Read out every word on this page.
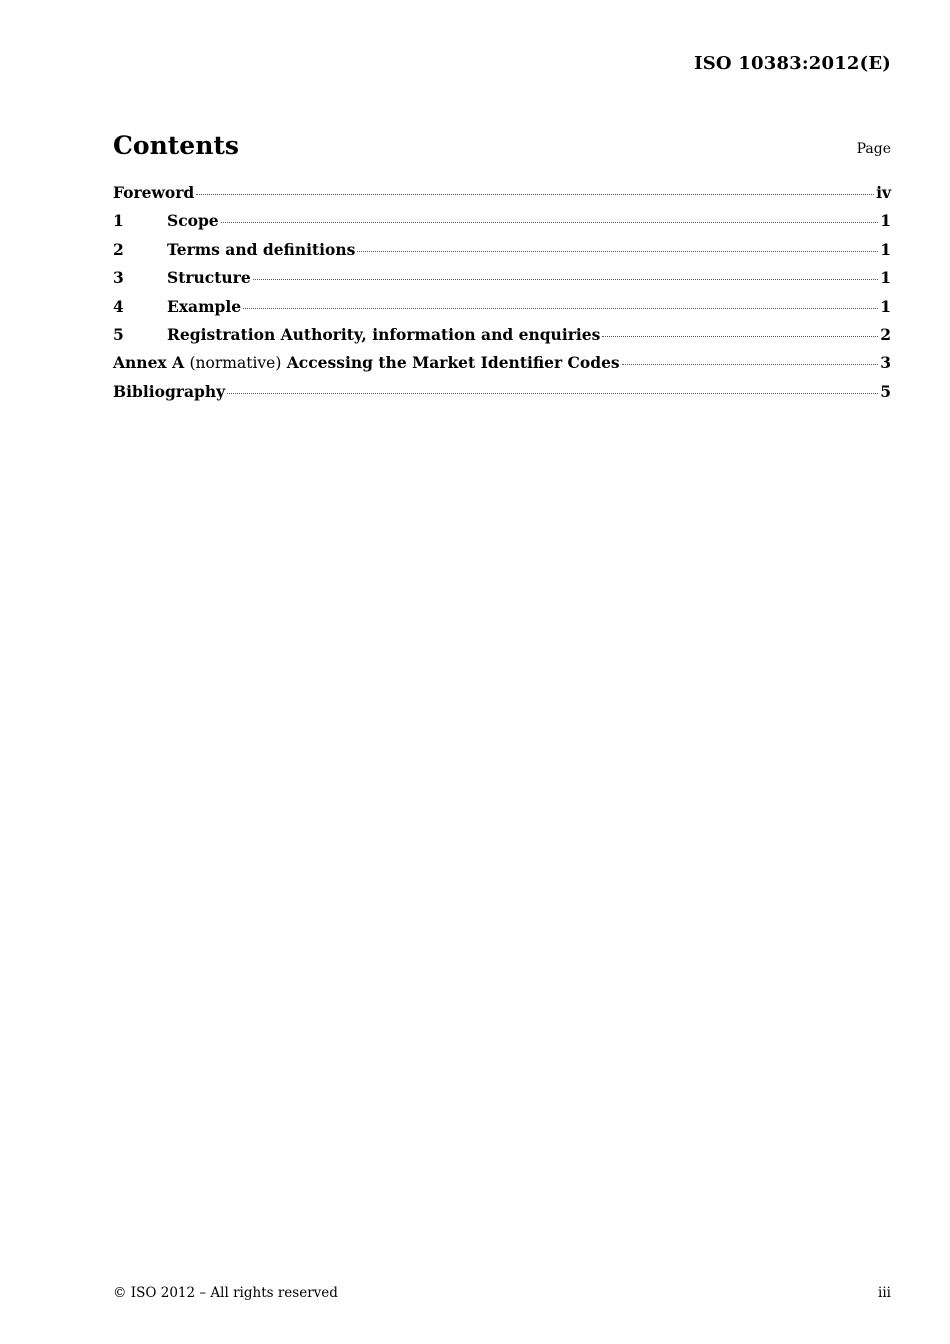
ISO 10383:2012(E)
Contents	Page
Foreword	iv
1	Scope	1
2	Terms and definitions	1
3	Structure	1
4	Example	1
5	Registration Authority, information and enquiries	2
Annex A (normative) Accessing the Market Identifier Codes	3
Bibliography	5
© ISO 2012 – All rights reserved	iii
